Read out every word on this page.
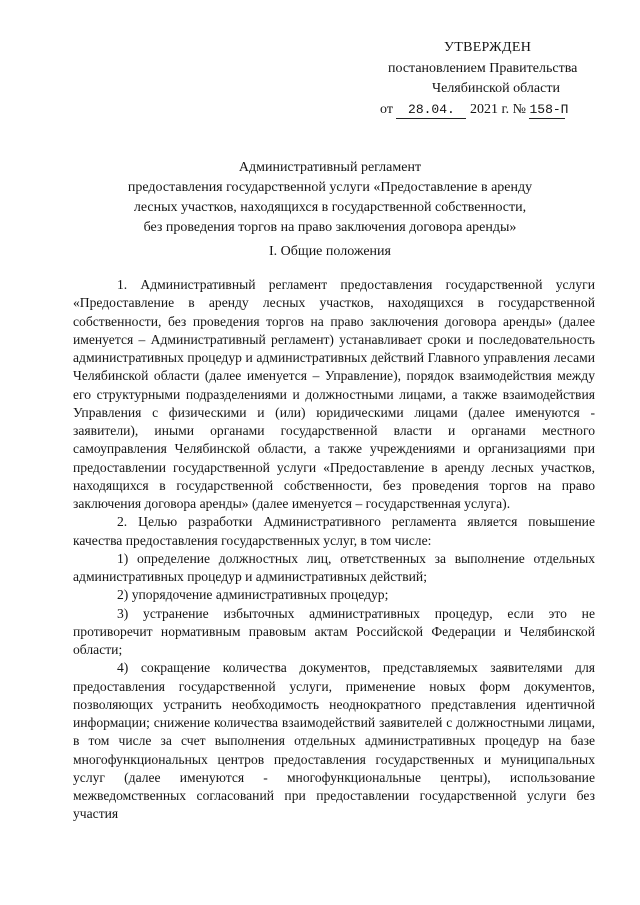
УТВЕРЖДЕН
постановлением Правительства
Челябинской области
от 28.04. 2021 г. № 158-П
Административный регламент
предоставления государственной услуги «Предоставление в аренду
лесных участков, находящихся в государственной собственности,
без проведения торгов на право заключения договора аренды»
I. Общие положения

1. Административный регламент предоставления государственной услуги «Предоставление в аренду лесных участков, находящихся в государственной собственности, без проведения торгов на право заключения договора аренды» (далее именуется – Административный регламент) устанавливает сроки и последовательность административных процедур и административных действий Главного управления лесами Челябинской области (далее именуется – Управление), порядок взаимодействия между его структурными подразделениями и должностными лицами, а также взаимодействия Управления с физическими и (или) юридическими лицами (далее именуются - заявители), иными органами государственной власти и органами местного самоуправления Челябинской области, а также учреждениями и организациями при предоставлении государственной услуги «Предоставление в аренду лесных участков, находящихся в государственной собственности, без проведения торгов на право заключения договора аренды» (далее именуется – государственная услуга).

2. Целью разработки Административного регламента является повышение качества предоставления государственных услуг, в том числе:

1) определение должностных лиц, ответственных за выполнение отдельных административных процедур и административных действий;

2) упорядочение административных процедур;

3) устранение избыточных административных процедур, если это не противоречит нормативным правовым актам Российской Федерации и Челябинской области;

4) сокращение количества документов, представляемых заявителями для предоставления государственной услуги, применение новых форм документов, позволяющих устранить необходимость неоднократного представления идентичной информации; снижение количества взаимодействий заявителей с должностными лицами, в том числе за счет выполнения отдельных административных процедур на базе многофункциональных центров предоставления государственных и муниципальных услуг (далее именуются - многофункциональные центры), использование межведомственных согласований при предоставлении государственной услуги без участия
